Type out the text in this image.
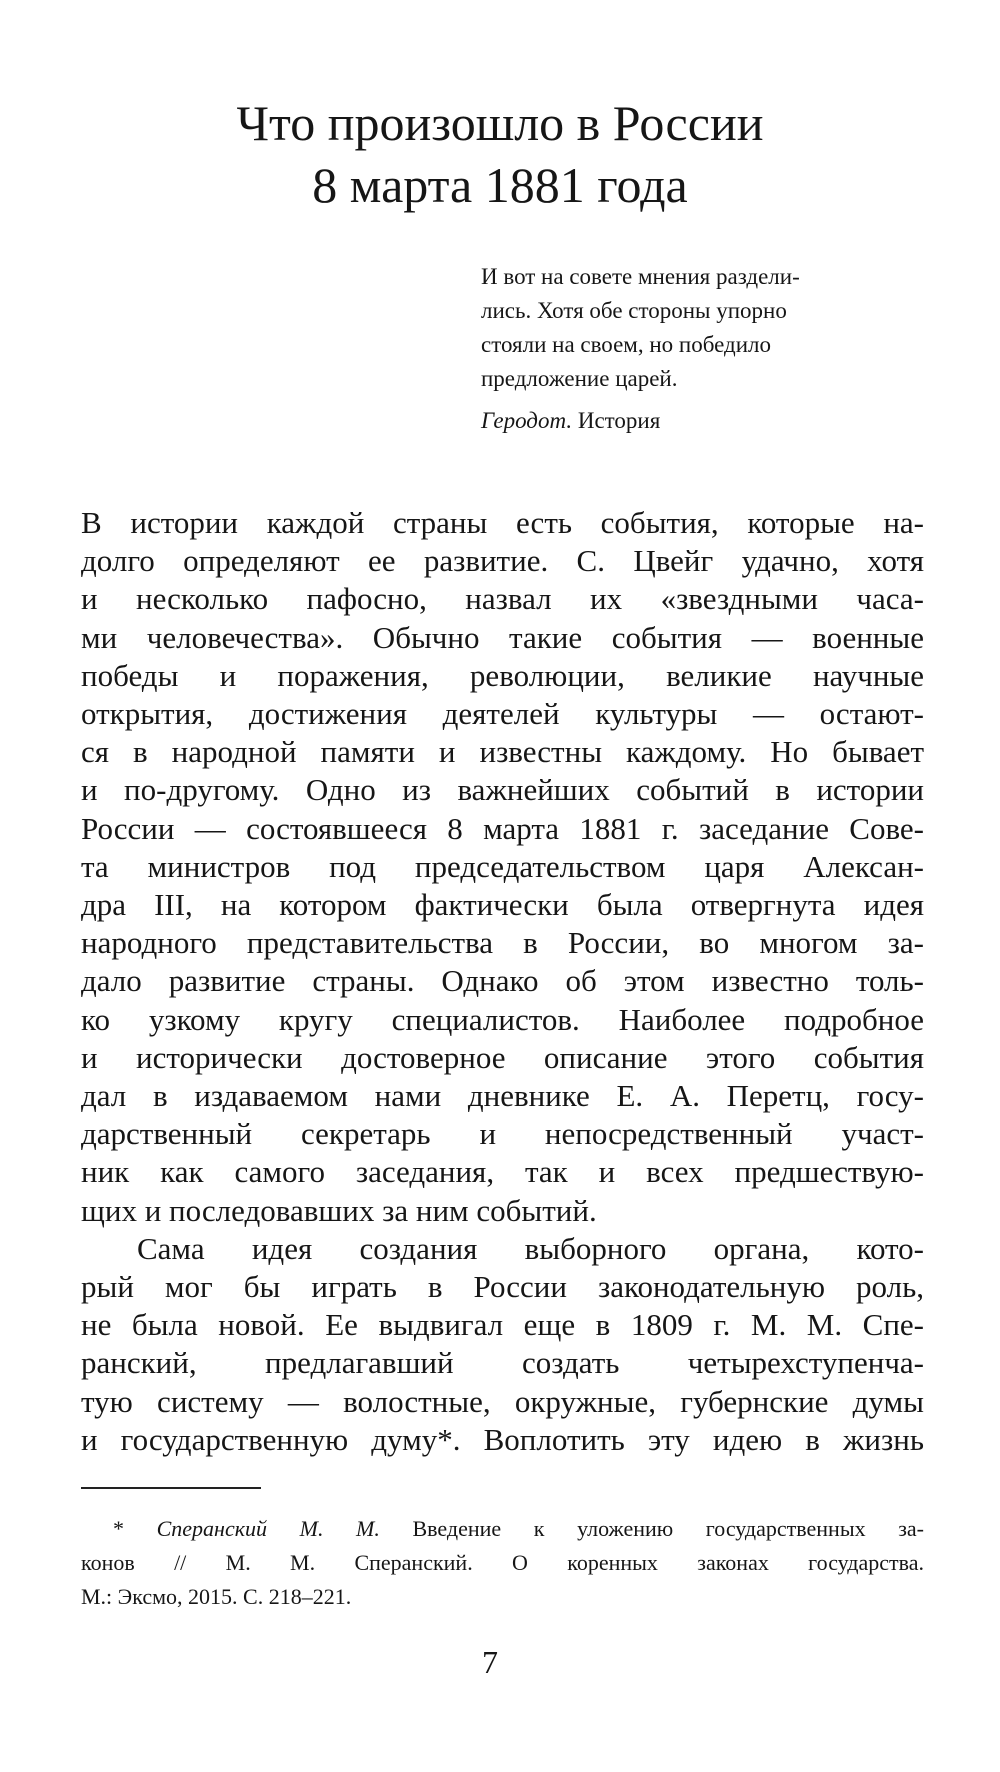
Что произошло в России
8 марта 1881 года
И вот на совете мнения раздели-
лись. Хотя обе стороны упорно
стояли на своем, но победило
предложение царей.
Геродот. История
В истории каждой страны есть события, которые на-
долго определяют ее развитие. С. Цвейг удачно, хотя
и несколько пафосно, назвал их «звездными часа-
ми человечества». Обычно такие события — военные
победы и поражения, революции, великие научные
открытия, достижения деятелей культуры — остают-
ся в народной памяти и известны каждому. Но бывает
и по-другому. Одно из важнейших событий в истории
России — состоявшееся 8 марта 1881 г. заседание Сове-
та министров под председательством царя Алексан-
дра III, на котором фактически была отвергнута идея
народного представительства в России, во многом за-
дало развитие страны. Однако об этом известно толь-
ко узкому кругу специалистов. Наиболее подробное
и исторически достоверное описание этого события
дал в издаваемом нами дневнике Е. А. Перетц, госу-
дарственный секретарь и непосредственный участ-
ник как самого заседания, так и всех предшествую-
щих и последовавших за ним событий.
Сама идея создания выборного органа, кото-
рый мог бы играть в России законодательную роль,
не была новой. Ее выдвигал еще в 1809 г. М. М. Спе-
ранский, предлагавший создать четырехступенча-
тую систему — волостные, окружные, губернские думы
и государственную думу*. Воплотить эту идею в жизнь
* Сперанский М. М. Введение к уложению государственных за-
конов // М. М. Сперанский. О коренных законах государства.
М.: Эксмо, 2015. С. 218–221.
7
